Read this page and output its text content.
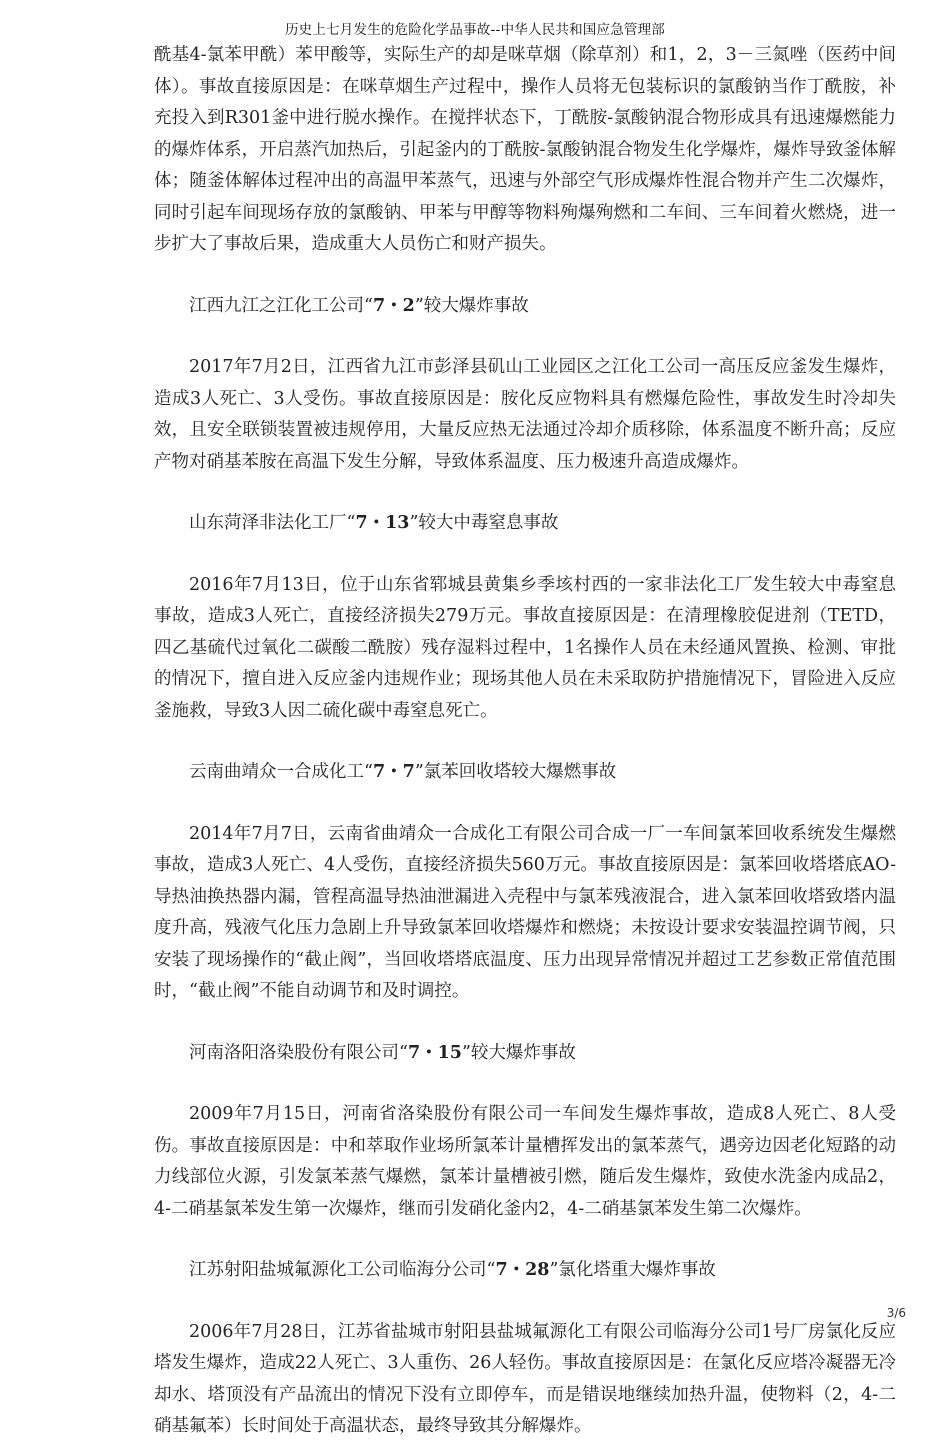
历史上七月发生的危险化学品事故--中华人民共和国应急管理部

酰基4-氯苯甲酰）苯甲酸等，实际生产的却是咪草烟（除草剂）和1，2，3－三氮唑（医药中间体）。事故直接原因是：在咪草烟生产过程中，操作人员将无包装标识的氯酸钠当作丁酰胺，补充投入到R301釜中进行脱水操作。在搅拌状态下，丁酰胺-氯酸钠混合物形成具有迅速爆燃能力的爆炸体系，开启蒸汽加热后，引起釜内的丁酰胺-氯酸钠混合物发生化学爆炸，爆炸导致釜体解体；随釜体解体过程冲出的高温甲苯蒸气，迅速与外部空气形成爆炸性混合物并产生二次爆炸，同时引起车间现场存放的氯酸钠、甲苯与甲醇等物料殉爆殉燃和二车间、三车间着火燃烧，进一步扩大了事故后果，造成重大人员伤亡和财产损失。

江西九江之江化工公司“7・2”较大爆炸事故

2017年7月2日，江西省九江市彭泽县矶山工业园区之江化工公司一高压反应釜发生爆炸，造成3人死亡、3人受伤。事故直接原因是：胺化反应物料具有燃爆危险性，事故发生时冷却失效，且安全联锁装置被违规停用，大量反应热无法通过冷却介质移除，体系温度不断升高；反应产物对硝基苯胺在高温下发生分解，导致体系温度、压力极速升高造成爆炸。

山东菏泽非法化工厂“7・13”较大中毒窒息事故

2016年7月13日，位于山东省郓城县黄集乡季垓村西的一家非法化工厂发生较大中毒窒息事故，造成3人死亡，直接经济损失279万元。事故直接原因是：在清理橡胶促进剂（TETD，四乙基硫代过氧化二碳酸二酰胺）残存湿料过程中，1名操作人员在未经通风置换、检测、审批的情况下，擅自进入反应釜内违规作业；现场其他人员在未采取防护措施情况下，冒险进入反应釜施救，导致3人因二硫化碳中毒窒息死亡。

云南曲靖众一合成化工“7・7”氯苯回收塔较大爆燃事故

2014年7月7日，云南省曲靖众一合成化工有限公司合成一厂一车间氯苯回收系统发生爆燃事故，造成3人死亡、4人受伤，直接经济损失560万元。事故直接原因是：氯苯回收塔塔底AO-导热油换热器内漏，管程高温导热油泄漏进入壳程中与氯苯残液混合，进入氯苯回收塔致塔内温度升高，残液气化压力急剧上升导致氯苯回收塔爆炸和燃烧；未按设计要求安装温控调节阀，只安装了现场操作的“截止阀”，当回收塔塔底温度、压力出现异常情况并超过工艺参数正常值范围时，“截止阀”不能自动调节和及时调控。

河南洛阳洛染股份有限公司“7・15”较大爆炸事故

2009年7月15日，河南省洛染股份有限公司一车间发生爆炸事故，造成8人死亡、8人受伤。事故直接原因是：中和萃取作业场所氯苯计量槽挥发出的氯苯蒸气，遇旁边因老化短路的动力线部位火源，引发氯苯蒸气爆燃，氯苯计量槽被引燃，随后发生爆炸，致使水洗釜内成品2，4-二硝基氯苯发生第一次爆炸，继而引发硝化釜内2，4-二硝基氯苯发生第二次爆炸。

江苏射阳盐城氟源化工公司临海分公司“7・28”氯化塔重大爆炸事故

2006年7月28日，江苏省盐城市射阳县盐城氟源化工有限公司临海分公司1号厂房氯化反应塔发生爆炸，造成22人死亡、3人重伤、26人轻伤。事故直接原因是：在氯化反应塔冷凝器无冷却水、塔顶没有产品流出的情况下没有立即停车，而是错误地继续加热升温，使物料（2，4-二硝基氟苯）长时间处于高温状态，最终导致其分解爆炸。

3/6
